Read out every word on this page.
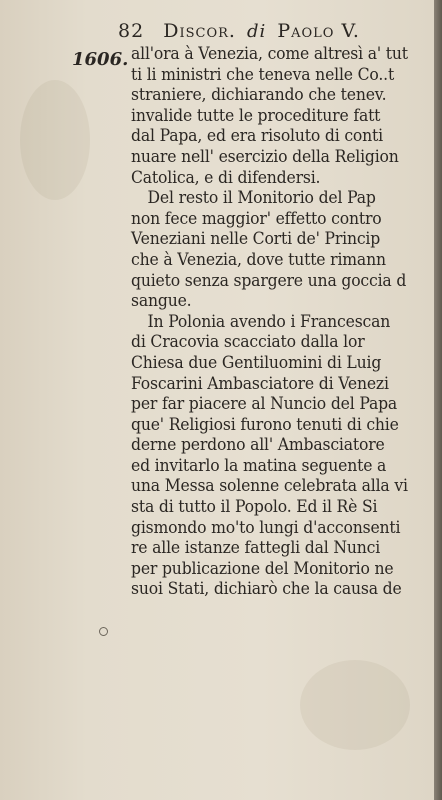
82 Discor. di Paolo V.
1606. all'ora à Venezia, come altresì a' tut
ti li ministri che teneva nelle Co..t
straniere, dichiarando che tenev.
invalide tutte le procediture fatt
dal Papa, ed era risoluto di conti
nuare nell' esercizio della Religion
Catolica, e di difendersi.
Del resto il Monitorio del Pap
non fece maggior' effetto contro
Veneziani nelle Corti de' Princip
che à Venezia, dove tutte rimann
quieto senza spargere una goccia d
sangue.
In Polonia avendo i Francescan
di Cracovia scacciato dalla lor
Chiesa due Gentiluomini di Luig
Foscarini Ambasciatore di Venezi
per far piacere al Nuncio del Papa
que' Religiosi furono tenuti di chie
derne perdono all' Ambasciatore
ed invitarlo la matina seguente a
una Messa solenne celebrata alla vi
sta di tutto il Popolo. Ed il Rè Si
gismondo mo'to lungi d'acconsenti
re alle istanze fattegli dal Nunci
per publicazione del Monitorio ne
suoi Stati, dichiarò che la causa de
